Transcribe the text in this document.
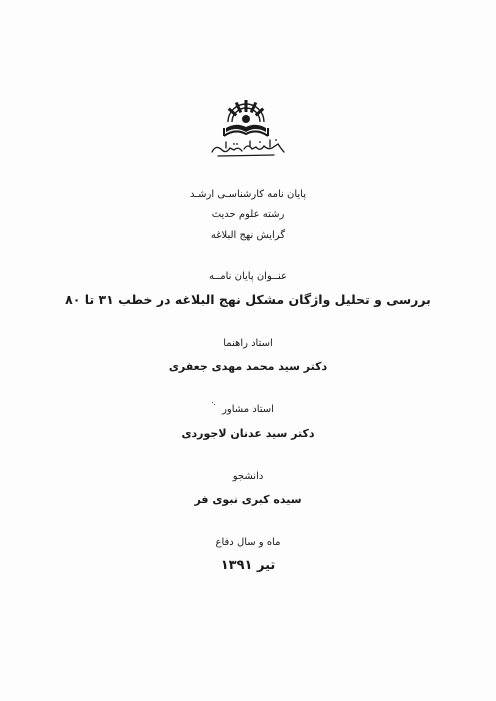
پایان نامه کارشناسـی ارشـد
رشته علوم حدیث
گرایش نهج البلاغه
عنــوان پایان نامــه
بررسی و تحلیل واژگان مشکل نهج البلاغه در خطب ۳۱ تا ۸۰
استاد راهنما
دکتر سید محمد مهدی جعفری
استاد مشاور
دکتر سید عدنان لاجوردی
دانشجو
سیده کبری نبوی فر
ماه و سال دفاع
تیر ۱۳۹۱
